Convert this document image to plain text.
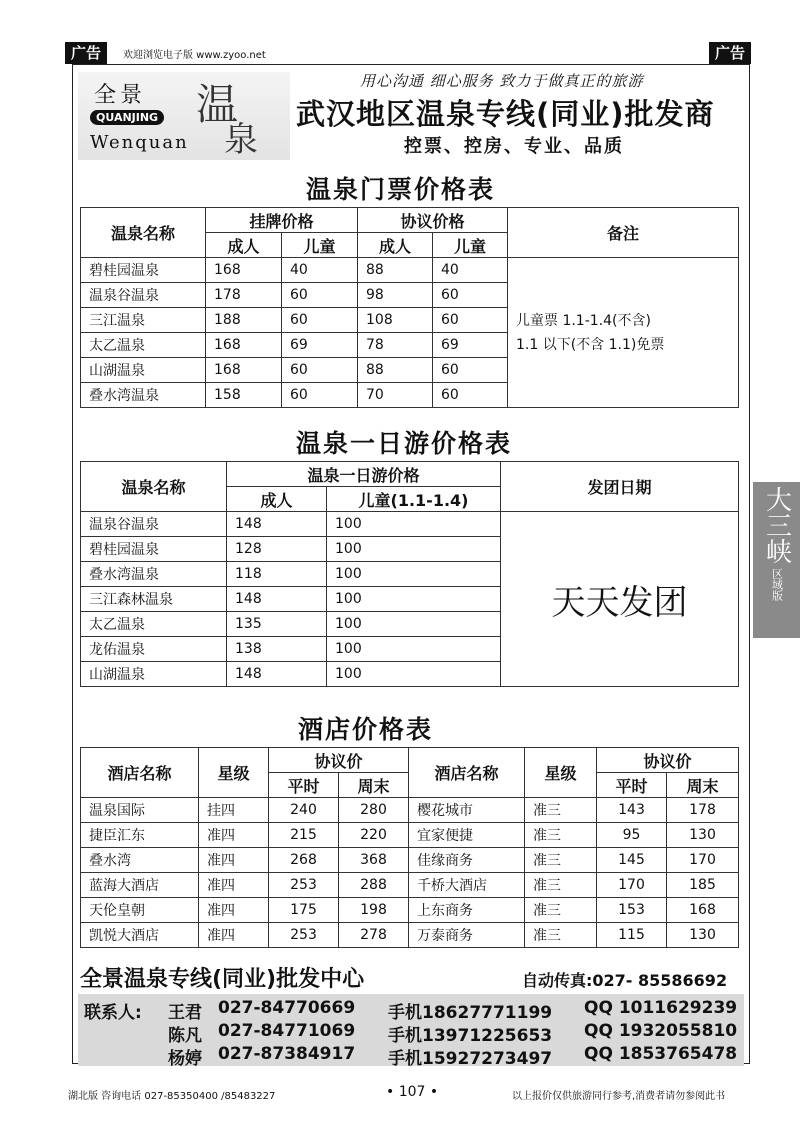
广告	欢迎浏览电子版 www.zyoo.net	广告
全景
QUANJING 温
泉
Wenquan
用心沟通 细心服务 致力于做真正的旅游
武汉地区温泉专线(同业)批发商
控票、控房、专业、品质
温泉门票价格表
温泉名称	挂牌价格		协议价格		备注
	成人	儿童	成人	儿童	
碧桂园温泉	168	40	88	40	儿童票 1.1-1.4(不含)
1.1 以下(不含 1.1)免票

温泉谷温泉	178	60	98	60	
三江温泉	188	60	108	60	
太乙温泉	168	69	78	69	
山湖温泉	168	60	88	60	
叠水湾温泉	158	60	70	60	
温泉一日游价格表
温泉名称	温泉一日游价格		发团日期
	成人	儿童(1.1-1.4)	
温泉谷温泉	148	100	天天发团
碧桂园温泉	128	100	
叠水湾温泉	118	100	
三江森林温泉	148	100	
太乙温泉	135	100	
龙佑温泉	138	100	
山湖温泉	148	100	
酒店价格表
酒店名称	星级	协议价		酒店名称	星级	协议价	
		平时	周末			平时	周末
温泉国际	挂四	240	280	樱花城市	准三	143	178
捷臣汇东	准四	215	220	宜家便捷	准三	95	130
叠水湾	准四	268	368	佳缘商务	准三	145	170
蓝海大酒店	准四	253	288	千桥大酒店	准三	170	185
天伦皇朝	准四	175	198	上东商务	准三	153	168
凯悦大酒店	准四	253	278	万泰商务	准三	115	130
全景温泉专线(同业)批发中心	自动传真:027- 85586692
联系人: 王君 027-84770669 手机18627771199 QQ 1011629239
陈凡 027-84771069 手机13971225653 QQ 1932055810
杨婷 027-87384917 手机15927273497 QQ 1853765478
湖北版 咨询电话 027-85350400 /85483227	• 107 •	以上报价仅供旅游同行参考,消费者请勿参阅此书
大三峡
区域版
